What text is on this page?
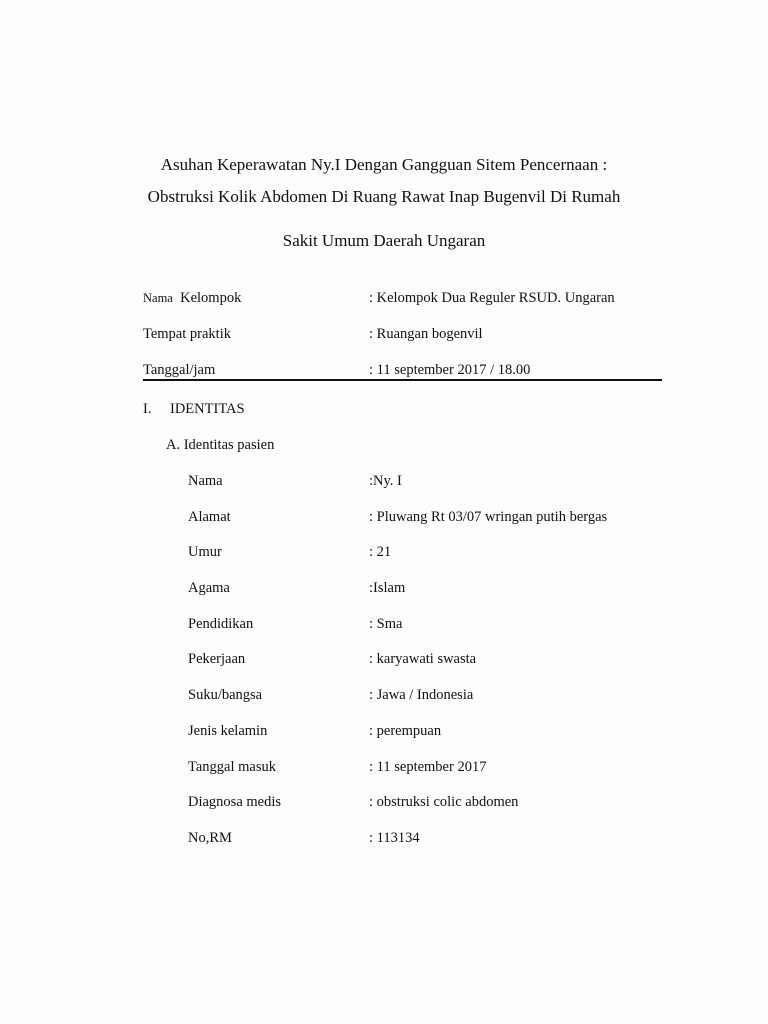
Asuhan Keperawatan Ny.I Dengan Gangguan Sitem Pencernaan :
Obstruksi Kolik Abdomen Di Ruang Rawat Inap Bugenvil Di Rumah
Sakit Umum Daerah Ungaran
Nama Kelompok	: Kelompok Dua Reguler RSUD. Ungaran
Tempat praktik	: Ruangan bogenvil
Tanggal/jam	: 11 september 2017 / 18.00
I. IDENTITAS
A. Identitas pasien
Nama	:Ny. I
Alamat	: Pluwang Rt 03/07 wringan putih bergas
Umur	: 21
Agama	:Islam
Pendidikan	: Sma
Pekerjaan	: karyawati swasta
Suku/bangsa	: Jawa / Indonesia
Jenis kelamin	: perempuan
Tanggal masuk	: 11 september 2017
Diagnosa medis	: obstruksi colic abdomen
No,RM	: 113134
